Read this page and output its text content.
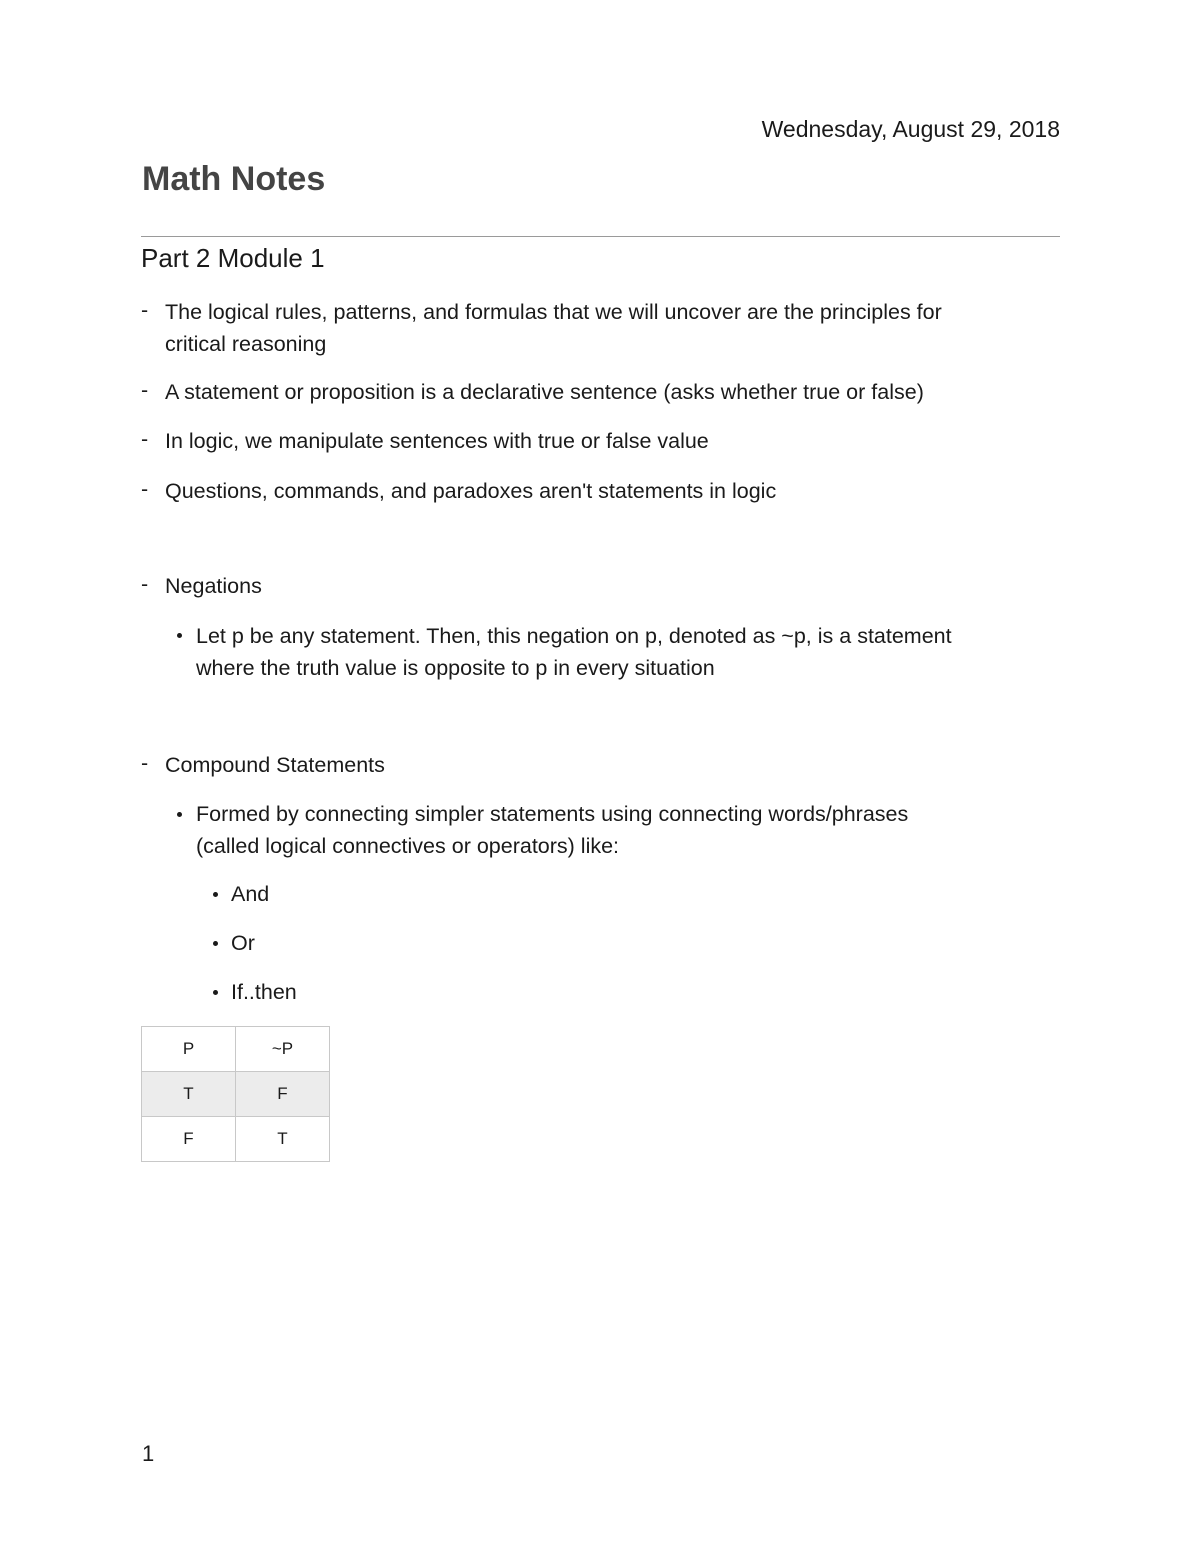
Wednesday, August 29, 2018
Math Notes
Part 2 Module 1
- The logical rules, patterns, and formulas that we will uncover are the principles for
critical reasoning
- A statement or proposition is a declarative sentence (asks whether true or false)
- In logic, we manipulate sentences with true or false value
- Questions, commands, and paradoxes aren't statements in logic
- Negations
Let p be any statement. Then, this negation on p, denoted as ~p, is a statement
where the truth value is opposite to p in every situation
- Compound Statements
Formed by connecting simpler statements using connecting words/phrases
(called logical connectives or operators) like:
And
Or
If..then
P	~P
T	F
F	T
1
